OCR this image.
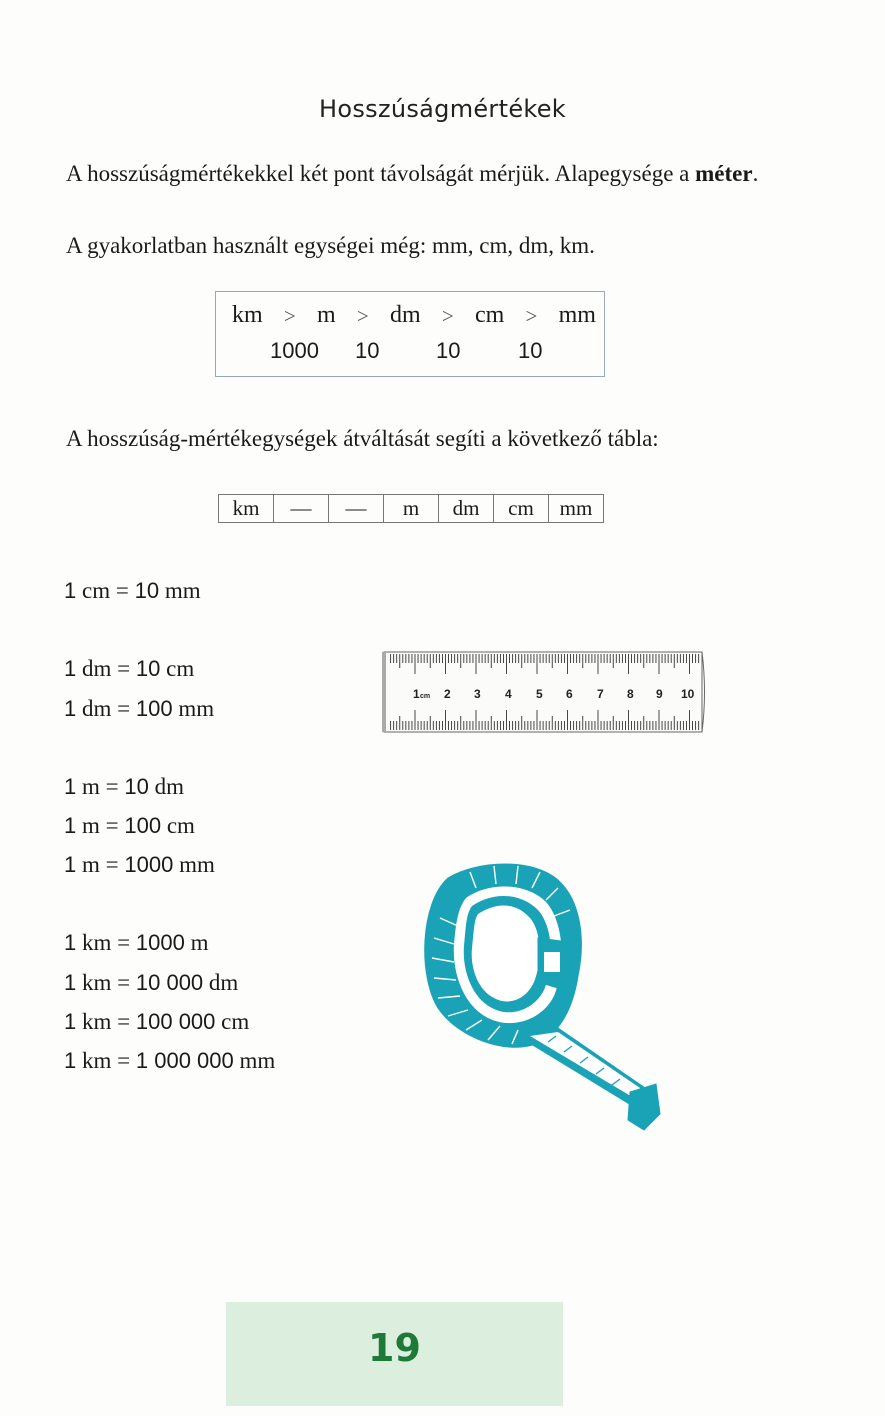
Hosszúságmértékek
A hosszúságmértékekkel két pont távolságát mérjük. Alapegysége a méter.
A gyakorlatban használt egységei még: mm, cm, dm, km.
km > m > dm > cm > mm
1000 10	10	10
A hosszúság-mértékegységek átváltását segíti a következő tábla:
km	—	—	m	dm	cm	mm
1 cm = 10 mm
1 dm = 10 cm
1 dm = 100 mm
1 m = 10 dm
1 m = 100 cm
1 m = 1000 mm
1 km = 1000 m
1 km = 10 000 dm
1 km = 100 000 cm
1 km = 1 000 000 mm
1 cm 2 3 4 5 6 7 8 9 10
19
